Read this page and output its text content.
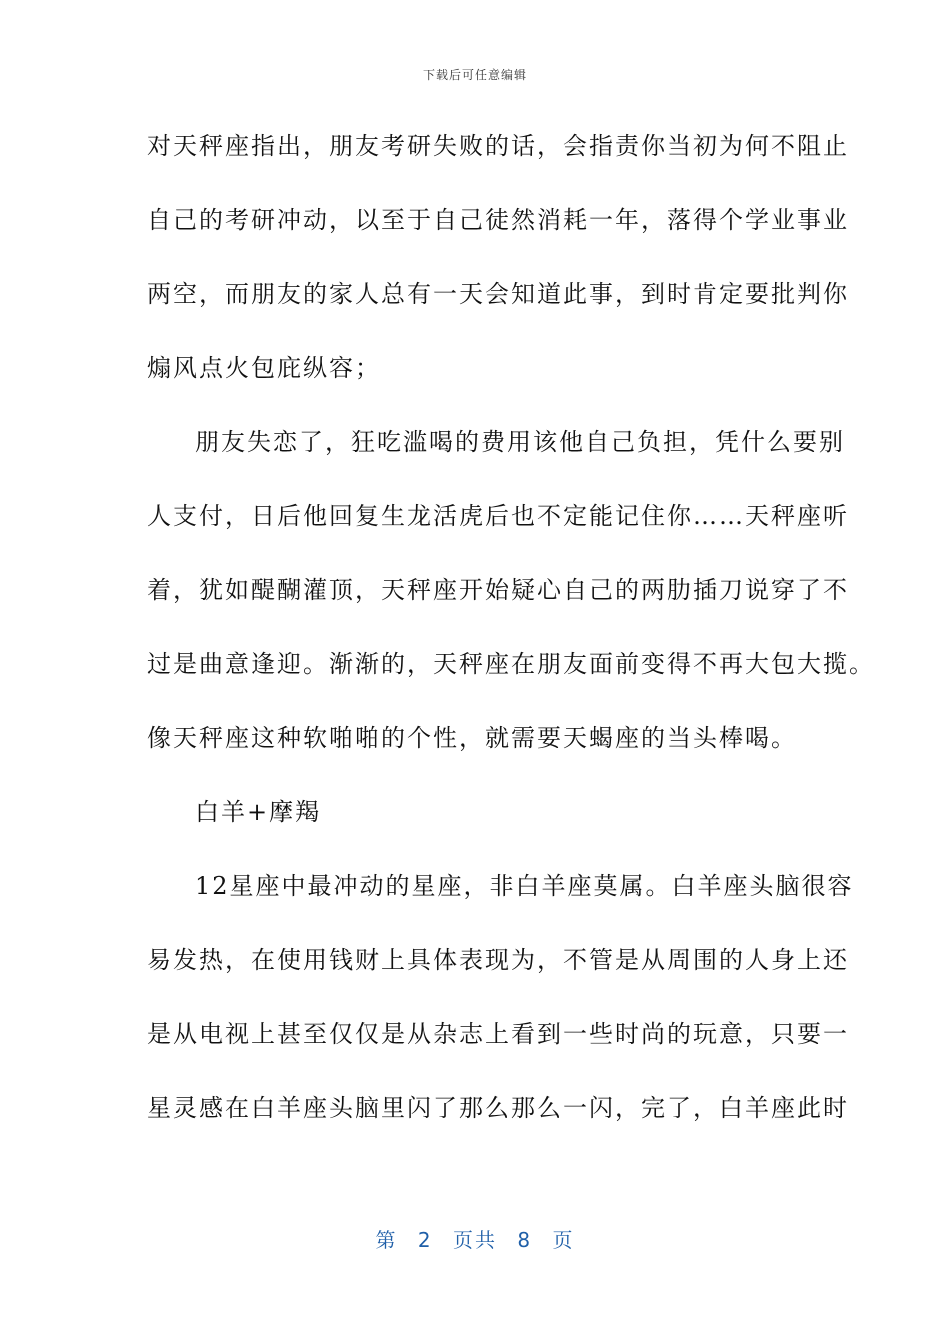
下载后可任意编辑
对天秤座指出，朋友考研失败的话，会指责你当初为何不阻止
自己的考研冲动，以至于自己徒然消耗一年，落得个学业事业
两空，而朋友的家人总有一天会知道此事，到时肯定要批判你
煽风点火包庇纵容；
朋友失恋了，狂吃滥喝的费用该他自己负担，凭什么要别
人支付，日后他回复生龙活虎后也不定能记住你……天秤座听
着，犹如醍醐灌顶，天秤座开始疑心自己的两肋插刀说穿了不
过是曲意逢迎。渐渐的，天秤座在朋友面前变得不再大包大揽。
像天秤座这种软啪啪的个性，就需要天蝎座的当头棒喝。
白羊+摩羯
12星座中最冲动的星座，非白羊座莫属。白羊座头脑很容
易发热，在使用钱财上具体表现为，不管是从周围的人身上还
是从电视上甚至仅仅是从杂志上看到一些时尚的玩意，只要一
星灵感在白羊座头脑里闪了那么那么一闪，完了，白羊座此时
第 2 页共 8 页
